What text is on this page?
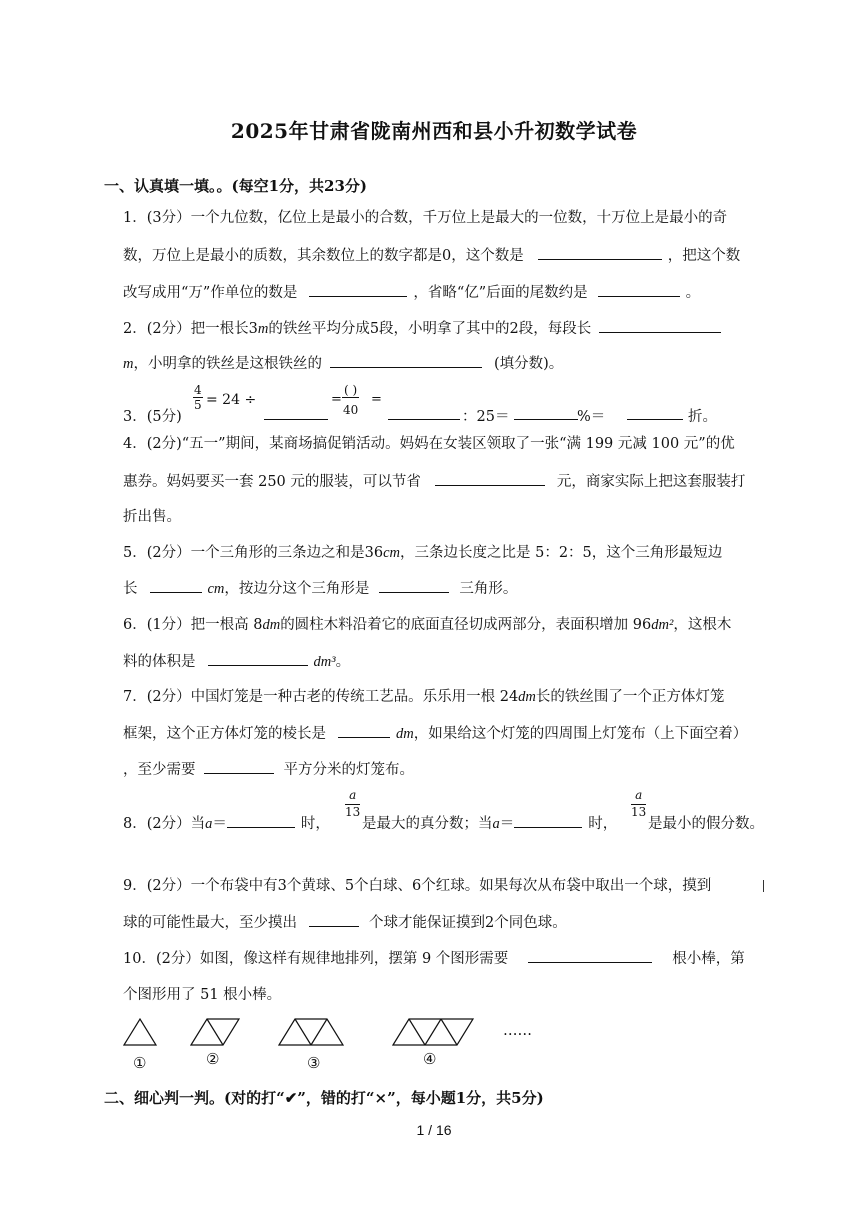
2025年甘肃省陇南州西和县小升初数学试卷
一、认真填一填。。(每空1分，共23分)
1．(3分）一个九位数，亿位上是最小的合数，千万位上是最大的一位数，十万位上是最小的奇
数，万位上是最小的质数，其余数位上的数字都是0，这个数是	，把这个数
改写成用“万”作单位的数是	，省略“亿”后面的尾数约是	。
2．(2分）把一根长3m的铁丝平均分成5段，小明拿了其中的2段，每段长
m，小明拿的铁丝是这根铁丝的	(填分数)。
3．(5分)
4
5 = 24 ÷	=
( )
40
=
：25＝	%＝	折。
4．(2分)“五一”期间，某商场搞促销活动。妈妈在女装区领取了一张“满 199 元减 100 元”的优
惠券。妈妈要买一套 250 元的服装，可以节省	元，商家实际上把这套服装打
折出售。
5．(2分）一个三角形的三条边之和是36cm，三条边长度之比是 5：2：5，这个三角形最短边
长	cm，按边分这个三角形是	三角形。
6．(1分）把一根高 8dm的圆柱木料沿着它的底面直径切成两部分，表面积增加 96dm²，这根木
料的体积是	dm³。
7．(2分）中国灯笼是一种古老的传统工艺品。乐乐用一根 24dm长的铁丝围了一个正方体灯笼
框架，这个正方体灯笼的棱长是	dm，如果给这个灯笼的四周围上灯笼布（上下面空着）
，至少需要	平方分米的灯笼布。
8．(2分）当a＝	时，
a
13
是最大的真分数；当a＝	时，
a
13
是最小的假分数。
9．(2分）一个布袋中有3个黄球、5个白球、6个红球。如果每次从布袋中取出一个球，摸到
球的可能性最大，至少摸出	个球才能保证摸到2个同色球。
10．(2分）如图，像这样有规律地排列，摆第 9 个图形需要	根小棒，第
个图形用了 51 根小棒。
①	②	③	④
……
二、细心判一判。(对的打“✔”，错的打“×”，每小题1分，共5分)
1 / 16
